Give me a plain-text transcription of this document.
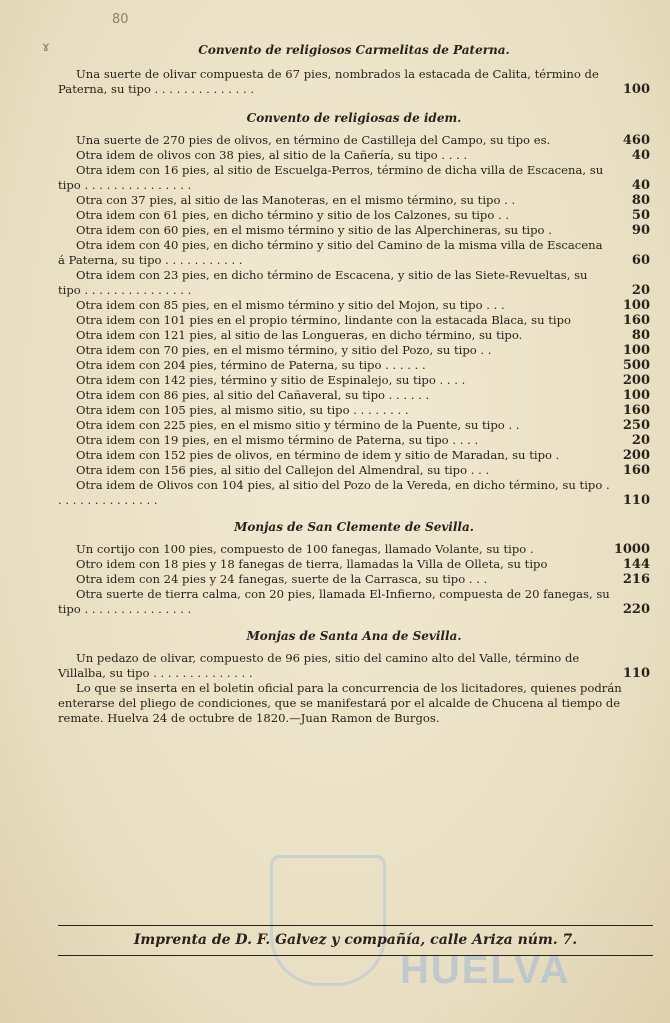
80
ɤ
HUELVA
Convento de religiosos Carmelitas de Paterna.
Una suerte de olivar compuesta de 67 pies, nombrados la estacada de Calita, término de Paterna, su tipo . . . . . . . . . . . . . .	100
Convento de religiosas de idem.
Una suerte de 270 pies de olivos, en término de Castilleja del Campo, su tipo es.	460
Otra idem de olivos con 38 pies, al sitio de la Cañería, su tipo . . . .	40
Otra idem con 16 pies, al sitio de Escuelga-Perros, término de dicha villa de Escacena, su tipo . . . . . . . . . . . . . . .	40
Otra con 37 pies, al sitio de las Manoteras, en el mismo término, su tipo . .	80
Otra idem con 61 pies, en dicho término y sitio de los Calzones, su tipo . .	50
Otra idem con 60 pies, en el mismo término y sitio de las Alperchineras, su tipo .	90
Otra idem con 40 pies, en dicho término y sitio del Camino de la misma villa de Escacena á Paterna, su tipo . . . . . . . . . . .	60
Otra idem con 23 pies, en dicho término de Escacena, y sitio de las Siete-Revueltas, su tipo . . . . . . . . . . . . . . .	20
Otra idem con 85 pies, en el mismo término y sitio del Mojon, su tipo . . .	100
Otra idem con 101 pies en el propio término, lindante con la estacada Blaca, su tipo	160
Otra idem con 121 pies, al sitio de las Longueras, en dicho término, su tipo.	80
Otra idem con 70 pies, en el mismo término, y sitio del Pozo, su tipo . .	100
Otra idem con 204 pies, término de Paterna, su tipo . . . . . .	500
Otra idem con 142 pies, término y sitio de Espinalejo, su tipo . . . .	200
Otra idem con 86 pies, al sitio del Cañaveral, su tipo . . . . . .	100
Otra idem con 105 pies, al mismo sitio, su tipo . . . . . . . .	160
Otra idem con 225 pies, en el mismo sitio y término de la Puente, su tipo . .	250
Otra idem con 19 pies, en el mismo término de Paterna, su tipo . . . .	20
Otra idem con 152 pies de olivos, en término de idem y sitio de Maradan, su tipo .	200
Otra idem con 156 pies, al sitio del Callejon del Almendral, su tipo . . .	160
Otra idem de Olivos con 104 pies, al sitio del Pozo de la Vereda, en dicho término, su tipo . . . . . . . . . . . . . . .	110
Monjas de San Clemente de Sevilla.
Un cortijo con 100 pies, compuesto de 100 fanegas, llamado Volante, su tipo .	1000
Otro idem con 18 pies y 18 fanegas de tierra, llamadas la Villa de Olleta, su tipo	144
Otra idem con 24 pies y 24 fanegas, suerte de la Carrasca, su tipo . . .	216
Otra suerte de tierra calma, con 20 pies, llamada El-Infierno, compuesta de 20 fanegas, su tipo . . . . . . . . . . . . . . .	220
Monjas de Santa Ana de Sevilla.
Un pedazo de olivar, compuesto de 96 pies, sitio del camino alto del Valle, término de Villalba, su tipo . . . . . . . . . . . . . .	110
Lo que se inserta en el boletin oficial para la concurrencia de los licitadores, quienes podrán enterarse del pliego de condiciones, que se manifestará por el alcalde de Chucena al tiempo de remate. Huelva 24 de octubre de 1820.—Juan Ramon de Burgos.
Imprenta de D. F. Galvez y compañía, calle Ariza núm. 7.
